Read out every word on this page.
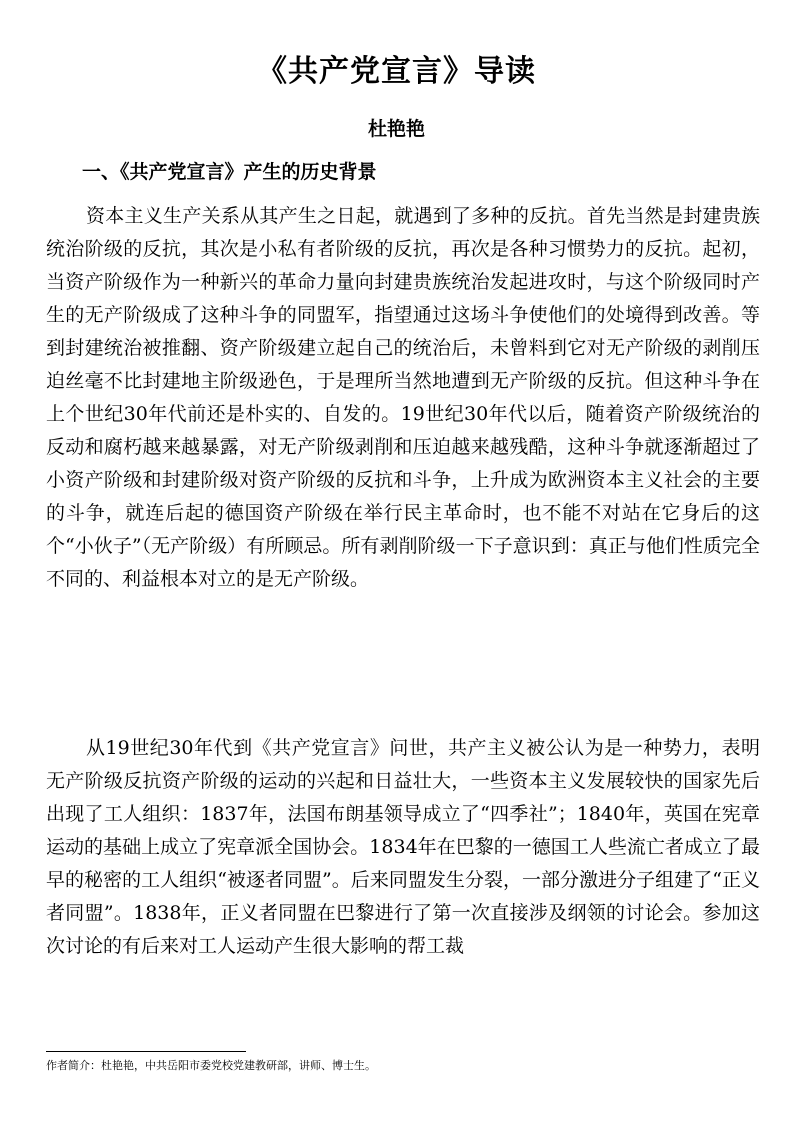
《共产党宣言》导读
杜艳艳
一、《共产党宣言》产生的历史背景

资本主义生产关系从其产生之日起，就遇到了多种的反抗。首先当然是封建贵族统治阶级的反抗，其次是小私有者阶级的反抗，再次是各种习惯势力的反抗。起初，当资产阶级作为一种新兴的革命力量向封建贵族统治发起进攻时，与这个阶级同时产生的无产阶级成了这种斗争的同盟军，指望通过这场斗争使他们的处境得到改善。等到封建统治被推翻、资产阶级建立起自己的统治后，未曾料到它对无产阶级的剥削压迫丝毫不比封建地主阶级逊色，于是理所当然地遭到无产阶级的反抗。但这种斗争在上个世纪30年代前还是朴实的、自发的。19世纪30年代以后，随着资产阶级统治的反动和腐朽越来越暴露，对无产阶级剥削和压迫越来越残酷，这种斗争就逐渐超过了小资产阶级和封建阶级对资产阶级的反抗和斗争，上升成为欧洲资本主义社会的主要的斗争，就连后起的德国资产阶级在举行民主革命时，也不能不对站在它身后的这个“小伙子”（无产阶级）有所顾忌。所有剥削阶级一下子意识到：真正与他们性质完全不同的、利益根本对立的是无产阶级。

从19世纪30年代到《共产党宣言》问世，共产主义被公认为是一种势力，表明无产阶级反抗资产阶级的运动的兴起和日益壮大，一些资本主义发展较快的国家先后出现了工人组织：1837年，法国布朗基领导成立了“四季社”；1840年，英国在宪章运动的基础上成立了宪章派全国协会。1834年在巴黎的一德国工人些流亡者成立了最早的秘密的工人组织“被逐者同盟”。后来同盟发生分裂，一部分激进分子组建了“正义者同盟”。1838年，正义者同盟在巴黎进行了第一次直接涉及纲领的讨论会。参加这次讨论的有后来对工人运动产生很大影响的帮工裁

作者简介：杜艳艳，中共岳阳市委党校党建教研部，讲师、博士生。
